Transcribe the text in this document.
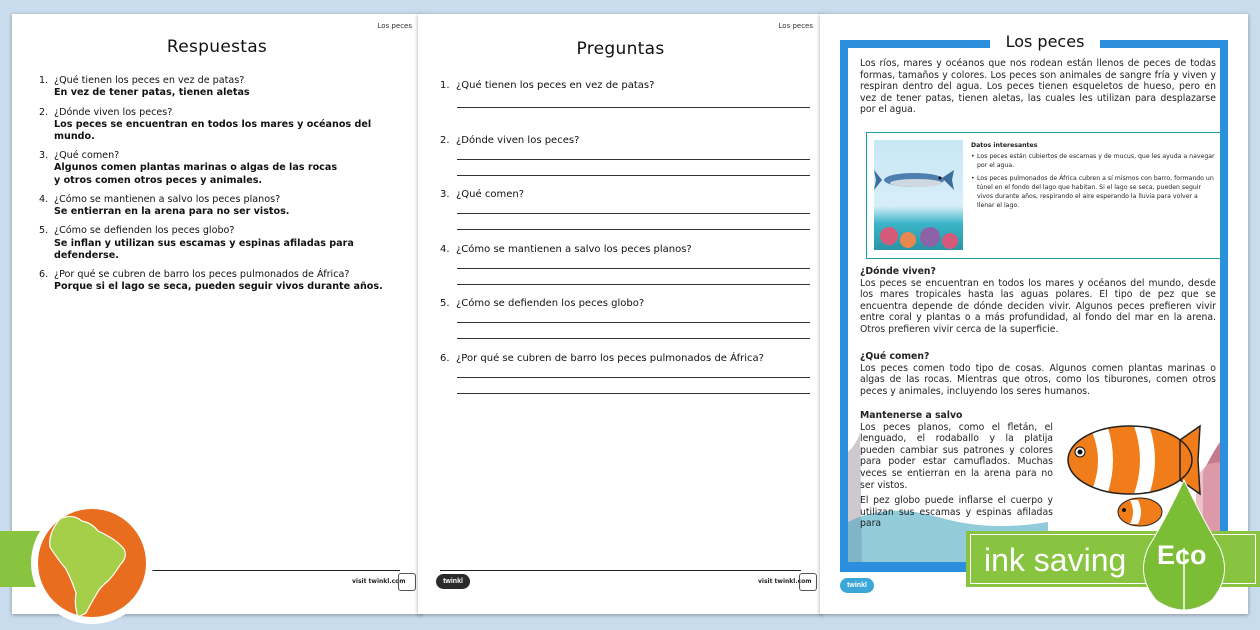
Los peces
Respuestas
1. ¿Qué tienen los peces en vez de patas?
En vez de tener patas, tienen aletas
2. ¿Dónde viven los peces?
Los peces se encuentran en todos los mares y océanos del mundo.
3. ¿Qué comen?
Algunos comen plantas marinas o algas de las rocas
y otros comen otros peces y animales.
4. ¿Cómo se mantienen a salvo los peces planos?
Se entierran en la arena para no ser vistos.
5. ¿Cómo se defienden los peces globo?
Se inflan y utilizan sus escamas y espinas afiladas para defenderse.
6. ¿Por qué se cubren de barro los peces pulmonados de África?
Porque si el lago se seca, pueden seguir vivos durante años.
visit twinkl.com
Los peces
Preguntas
1. ¿Qué tienen los peces en vez de patas?
2. ¿Dónde viven los peces?
3. ¿Qué comen?
4. ¿Cómo se mantienen a salvo los peces planos?
5. ¿Cómo se defienden los peces globo?
6. ¿Por qué se cubren de barro los peces pulmonados de África?
twinkl	visit twinkl.com
Los peces
Los ríos, mares y océanos que nos rodean están llenos de peces de todas formas, tamaños y colores. Los peces son animales de sangre fría y viven y respiran dentro del agua. Los peces tienen esqueletos de hueso, pero en vez de tener patas, tienen aletas, las cuales les utilizan para desplazarse por el agua.
Datos interesantes
• Los peces están cubiertos de escamas y de mucus, que les ayuda a navegar por el agua.
• Los peces pulmonados de África cubren a sí mismos con barro, formando un túnel en el fondo del lago que habitan. Si el lago se seca, pueden seguir vivos durante años, respirando el aire esperando la lluvia para volver a llenar el lago.
¿Dónde viven?
Los peces se encuentran en todos los mares y océanos del mundo, desde los mares tropicales hasta las aguas polares. El tipo de pez que se encuentra depende de dónde deciden vivir. Algunos peces prefieren vivir entre coral y plantas o a más profundidad, al fondo del mar en la arena. Otros prefieren vivir cerca de la superficie.
¿Qué comen?
Los peces comen todo tipo de cosas. Algunos comen plantas marinas o algas de las rocas. Mientras que otros, como los tiburones, comen otros peces y animales, incluyendo los seres humanos.
Mantenerse a salvo
Los peces planos, como el fletán, el lenguado, el rodaballo y la platija pueden cambiar sus patrones y colores para poder estar camuflados. Muchas veces se entierran en la arena para no ser vistos.
El pez globo puede inflarse el cuerpo y utilizan sus escamas y espinas afiladas para
twinkl
ink saving Eco
